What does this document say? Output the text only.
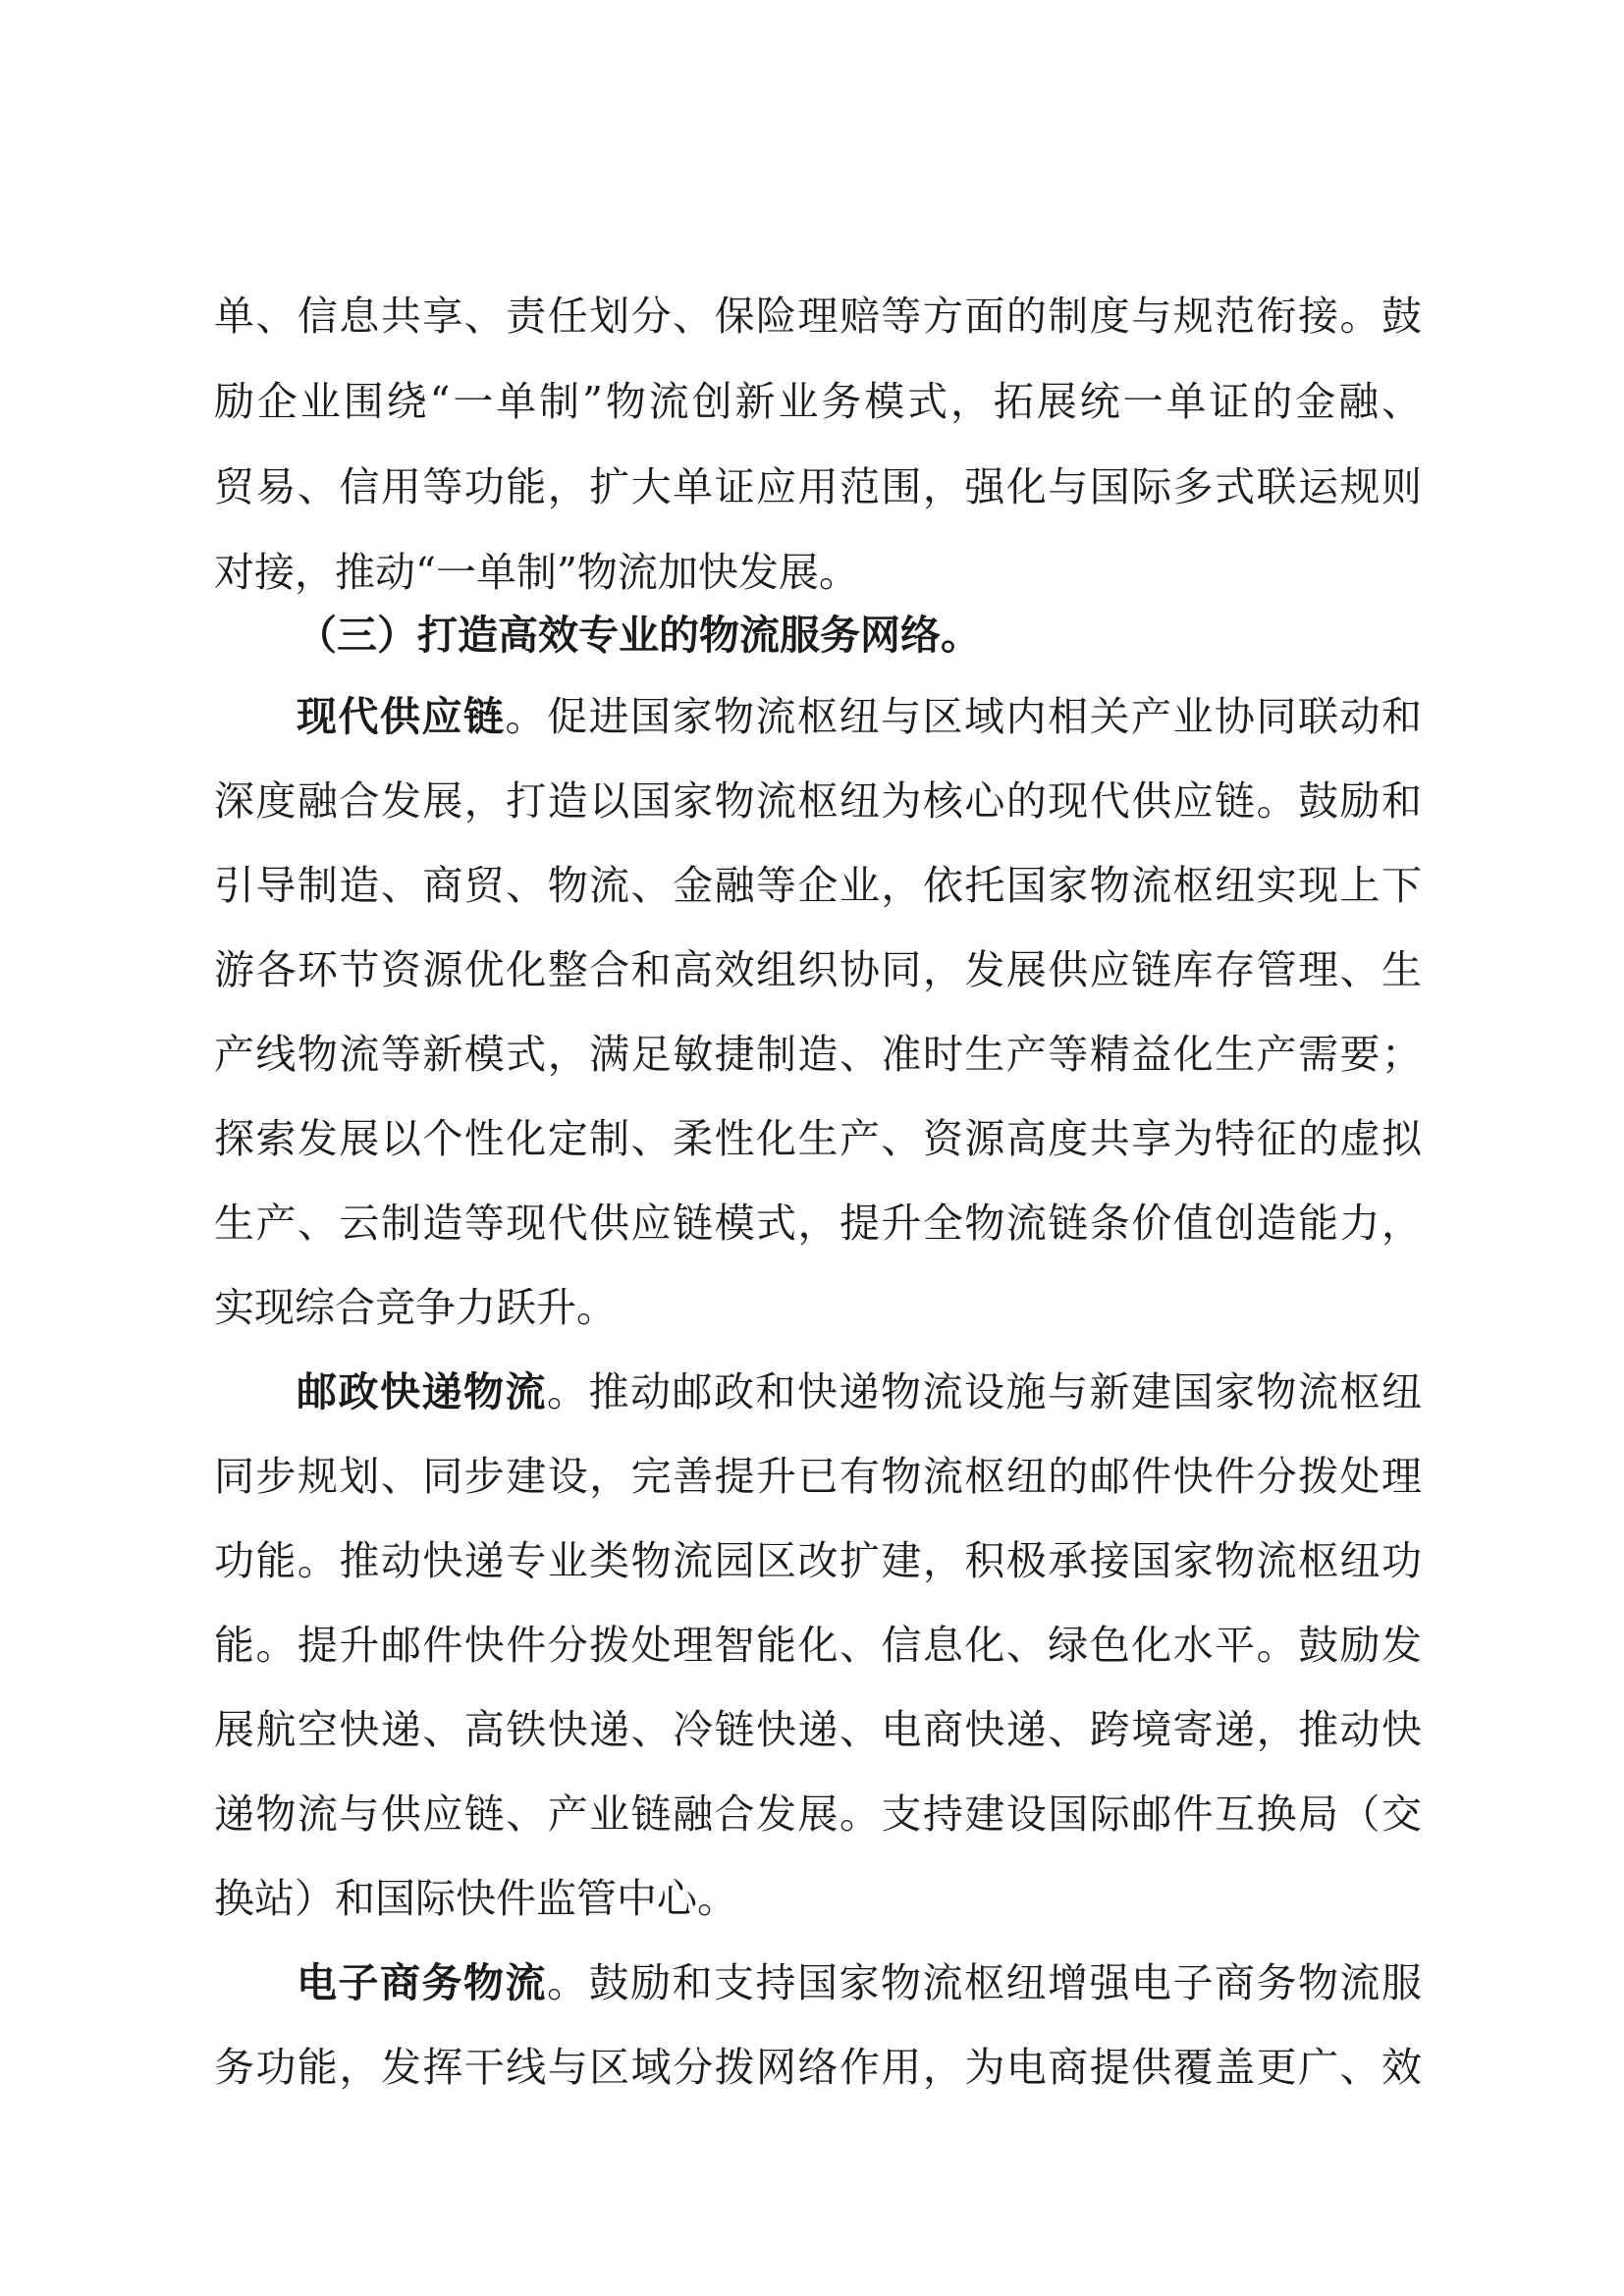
单、信息共享、责任划分、保险理赔等方面的制度与规范衔接。鼓
励企业围绕“一单制”物流创新业务模式，拓展统一单证的金融、
贸易、信用等功能，扩大单证应用范围，强化与国际多式联运规则
对接，推动“一单制”物流加快发展。
（三）打造高效专业的物流服务网络。
现代供应链。促进国家物流枢纽与区域内相关产业协同联动和
深度融合发展，打造以国家物流枢纽为核心的现代供应链。鼓励和
引导制造、商贸、物流、金融等企业，依托国家物流枢纽实现上下
游各环节资源优化整合和高效组织协同，发展供应链库存管理、生
产线物流等新模式，满足敏捷制造、准时生产等精益化生产需要；
探索发展以个性化定制、柔性化生产、资源高度共享为特征的虚拟
生产、云制造等现代供应链模式，提升全物流链条价值创造能力，
实现综合竞争力跃升。
邮政快递物流。推动邮政和快递物流设施与新建国家物流枢纽
同步规划、同步建设，完善提升已有物流枢纽的邮件快件分拨处理
功能。推动快递专业类物流园区改扩建，积极承接国家物流枢纽功
能。提升邮件快件分拨处理智能化、信息化、绿色化水平。鼓励发
展航空快递、高铁快递、冷链快递、电商快递、跨境寄递，推动快
递物流与供应链、产业链融合发展。支持建设国际邮件互换局（交
换站）和国际快件监管中心。
电子商务物流。鼓励和支持国家物流枢纽增强电子商务物流服
务功能，发挥干线与区域分拨网络作用，为电商提供覆盖更广、效
